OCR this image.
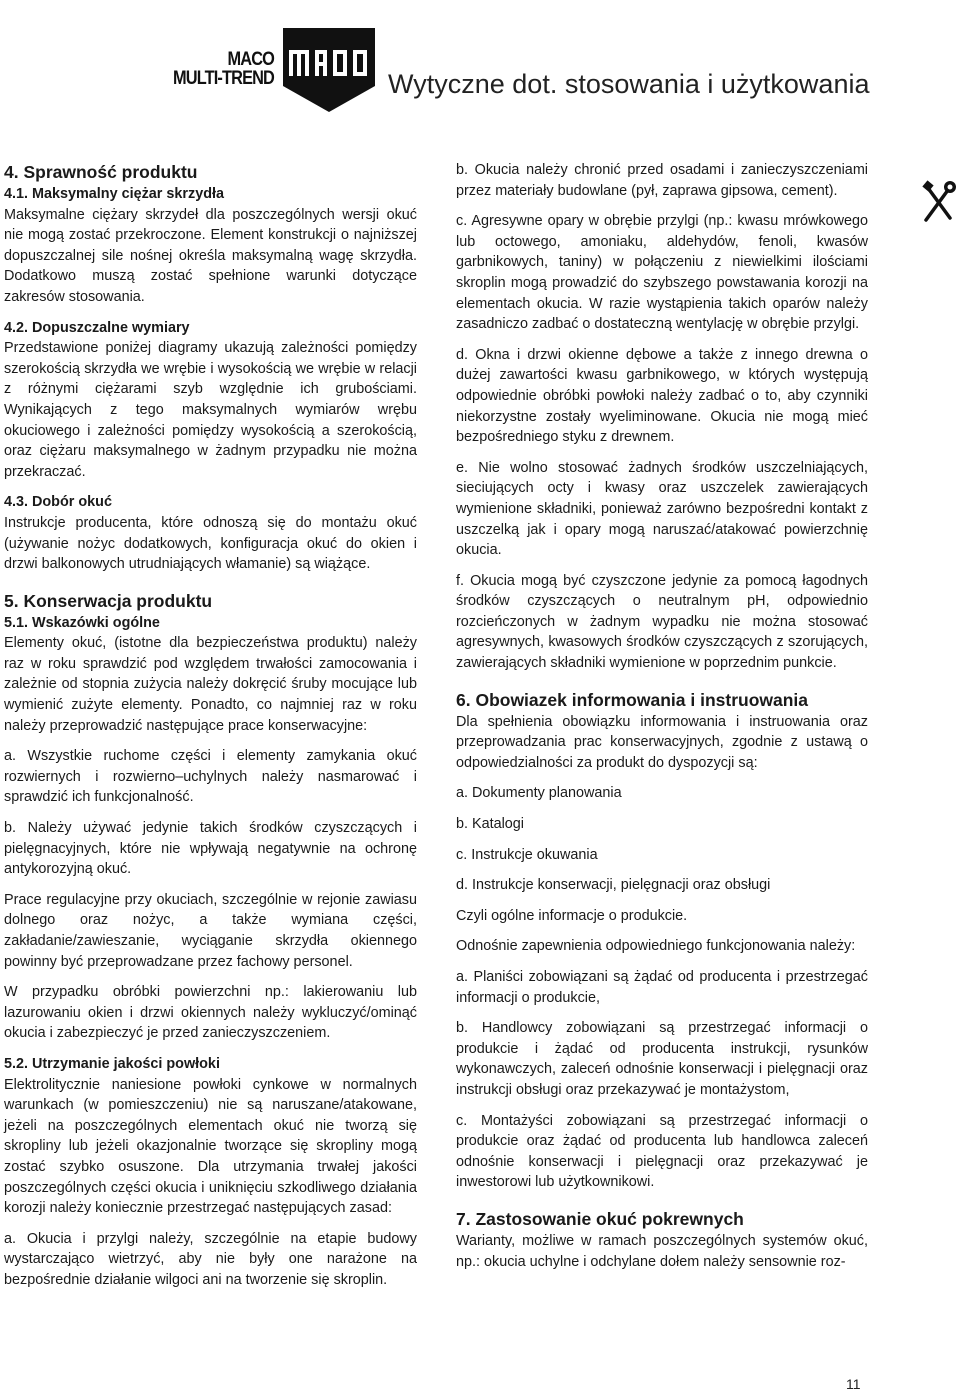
MACO
MULTI-TREND	Wytyczne dot. stosowania i użytkowania
4. Sprawność produktu
4.1. Maksymalny ciężar skrzydła

Maksymalne ciężary skrzydeł dla poszczególnych wersji okuć nie mogą zostać przekroczone. Element konstrukcji o najniższej dopuszczalnej sile nośnej określa maksymalną wagę skrzydła. Dodatkowo muszą zostać spełnione warunki dotyczące zakresów stosowania.

4.2. Dopuszczalne wymiary

Przedstawione poniżej diagramy ukazują zależności pomiędzy szerokością skrzydła we wrębie i wysokością we wrębie w relacji z różnymi ciężarami szyb względnie ich grubościami. Wynikających z tego maksymalnych wymiarów wrębu okuciowego i zależności pomiędzy wysokością a szerokością, oraz ciężaru maksymalnego w żadnym przypadku nie można przekraczać.

4.3. Dobór okuć

Instrukcje producenta, które odnoszą się do montażu okuć (używanie nożyc dodatkowych, konfiguracja okuć do okien i drzwi balkonowych utrudniających włamanie) są wiążące.

5. Konserwacja produktu
5.1. Wskazówki ogólne

Elementy okuć, (istotne dla bezpieczeństwa produktu) należy raz w roku sprawdzić pod względem trwałości zamocowania i zależnie od stopnia zużycia należy dokręcić śruby mocujące lub wymienić zużyte elementy. Ponadto, co najmniej raz w roku należy przeprowadzić następujące prace konserwacyjne:

a. Wszystkie ruchome części i elementy zamykania okuć rozwiernych i rozwierno–uchylnych należy nasmarować i sprawdzić ich funkcjonalność.

b. Należy używać jedynie takich środków czyszczących i pielęgnacyjnych, które nie wpływają negatywnie na ochronę antykorozyjną okuć.

Prace regulacyjne przy okuciach, szczególnie w rejonie zawiasu dolnego oraz nożyc, a także wymiana części, zakładanie/zawieszanie, wyciąganie skrzydła okiennego powinny być przeprowadzane przez fachowy personel.

W przypadku obróbki powierzchni np.: lakierowaniu lub lazurowaniu okien i drzwi okiennych należy wykluczyć/ominąć okucia i zabezpieczyć je przed zanieczyszczeniem.

5.2. Utrzymanie jakości powłoki

Elektrolitycznie naniesione powłoki cynkowe w normalnych warunkach (w pomieszczeniu) nie są naruszane/atakowane, jeżeli na poszczególnych elementach okuć nie tworzą się skropliny lub jeżeli okazjonalnie tworzące się skropliny mogą zostać szybko osuszone. Dla utrzymania trwałej jakości poszczególnych części okucia i uniknięciu szkodliwego działania korozji należy koniecznie przestrzegać następujących zasad:

a. Okucia i przylgi należy, szczególnie na etapie budowy wystarczająco wietrzyć, aby nie były one narażone na bezpośrednie działanie wilgoci ani na tworzenie się skroplin.

b. Okucia należy chronić przed osadami i zanieczyszczeniami przez materiały budowlane (pył, zaprawa gipsowa, cement).

c. Agresywne opary w obrębie przylgi (np.: kwasu mrówkowego lub octowego, amoniaku, aldehydów, fenoli, kwasów garbnikowych, taniny) w połączeniu z niewielkimi ilościami skroplin mogą prowadzić do szybszego powstawania korozji na elementach okucia. W razie wystąpienia takich oparów należy zasadniczo zadbać o dostateczną wentylację w obrębie przylgi.

d. Okna i drzwi okienne dębowe a także z innego drewna o dużej zawartości kwasu garbnikowego, w których występują odpowiednie obróbki powłoki należy zadbać o to, aby czynniki niekorzystne zostały wyeliminowane. Okucia nie mogą mieć bezpośredniego styku z drewnem.

e. Nie wolno stosować żadnych środków uszczelniających, sieciujących octy i kwasy oraz uszczelek zawierających wymienione składniki, ponieważ zarówno bezpośredni kontakt z uszczelką jak i opary mogą naruszać/atakować powierzchnię okucia.

f. Okucia mogą być czyszczone jedynie za pomocą łagodnych środków czyszczących o neutralnym pH, odpowiednio rozcieńczonych w żadnym wypadku nie można stosować agresywnych, kwasowych środków czyszczących z szorujących, zawierających składniki wymienione w poprzednim punkcie.

6. Obowiazek informowania i instruowania

Dla spełnienia obowiązku informowania i instruowania oraz przeprowadzania prac konserwacyjnych, zgodnie z ustawą o odpowiedzialności za produkt do dyspozycji są:

a. Dokumenty planowania

b. Katalogi

c. Instrukcje okuwania

d. Instrukcje konserwacji, pielęgnacji oraz obsługi

Czyli ogólne informacje o produkcie.

Odnośnie zapewnienia odpowiedniego funkcjonowania należy:

a. Planiści zobowiązani są żądać od producenta i przestrzegać informacji o produkcie,

b. Handlowcy zobowiązani są przestrzegać informacji o produkcie i żądać od producenta instrukcji, rysunków wykonawczych, zaleceń odnośnie konserwacji i pielęgnacji oraz instrukcji obsługi oraz przekazywać je montażystom,

c. Montażyści zobowiązani są przestrzegać informacji o produkcie oraz żądać od producenta lub handlowca zaleceń odnośnie konserwacji i pielęgnacji oraz przekazywać je inwestorowi lub użytkownikowi.

7. Zastosowanie okuć pokrewnych

Warianty, możliwe w ramach poszczególnych systemów okuć, np.: okucia uchylne i odchylane dołem należy sensownie roz-

11
